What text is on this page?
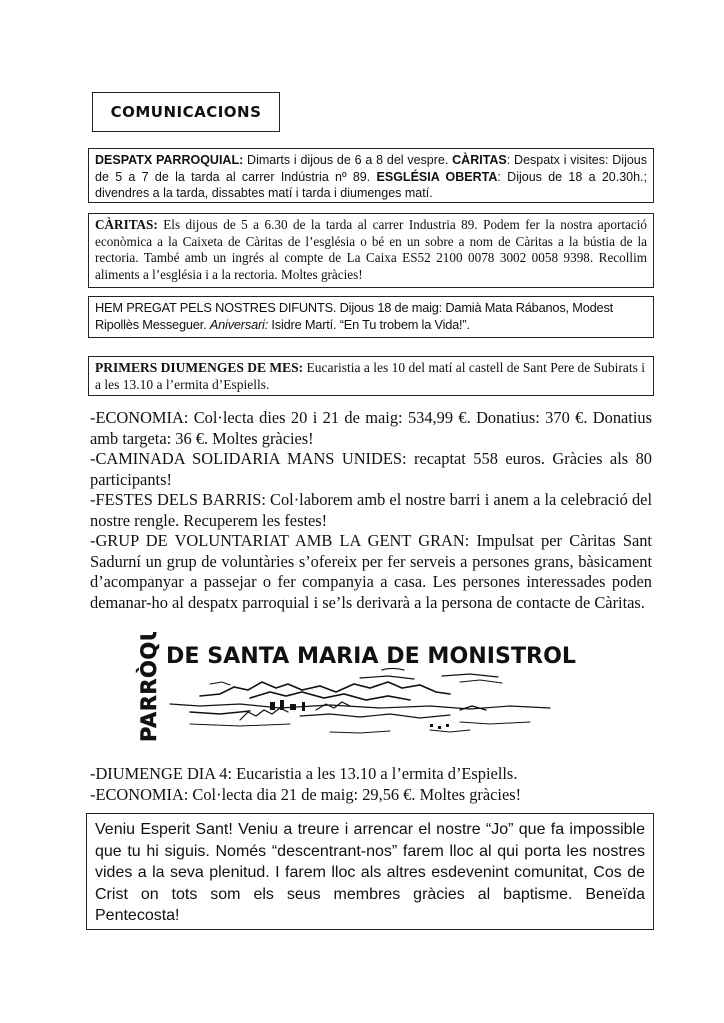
COMUNICACIONS
DESPATX PARROQUIAL: Dimarts i dijous de 6 a 8 del vespre. CÀRITAS: Despatx i visites: Dijous de 5 a 7 de la tarda al carrer Indústria nº 89. ESGLÉSIA OBERTA: Dijous de 18 a 20.30h.; divendres a la tarda, dissabtes matí i tarda i diumenges matí.
CÀRITAS: Els dijous de 5 a 6.30 de la tarda al carrer Industria 89. Podem fer la nostra aportació econòmica a la Caixeta de Càritas de l’església o bé en un sobre a nom de Càritas a la bústia de la rectoria. També amb un ingrés al compte de La Caixa ES52 2100 0078 3002 0058 9398. Recollim aliments a l’església i a la rectoria. Moltes gràcies!
HEM PREGAT PELS NOSTRES DIFUNTS. Dijous 18 de maig: Damià Mata Rábanos, Modest Ripollès Messeguer. Aniversari: Isidre Martí. “En Tu trobem la Vida!”.
PRIMERS DIUMENGES DE MES: Eucaristia a les 10 del matí al castell de Sant Pere de Subirats i a les 13.10 a l’ermita d’Espiells.

-ECONOMIA: Col·lecta dies 20 i 21 de maig: 534,99 €. Donatius: 370 €. Donatius amb targeta: 36 €. Moltes gràcies!

-CAMINADA SOLIDARIA MANS UNIDES: recaptat 558 euros. Gràcies als 80 participants!

-FESTES DELS BARRIS: Col·laborem amb el nostre barri i anem a la celebració del nostre rengle. Recuperem les festes!

-GRUP DE VOLUNTARIAT AMB LA GENT GRAN: Impulsat per Càritas Sant Sadurní un grup de voluntàries s’ofereix per fer serveis a persones grans, bàsicament d’acompanyar a passejar o fer companyia a casa. Les persones interessades poden demanar-ho al despatx parroquial i se’ls derivarà a la persona de contacte de Càritas.

PARRÒQUIA DE SANTA MARIA DE MONISTROL

-DIUMENGE DIA 4: Eucaristia a les 13.10 a l’ermita d’Espiells.

-ECONOMIA: Col·lecta dia 21 de maig: 29,56 €. Moltes gràcies!

Veniu Esperit Sant! Veniu a treure i arrencar el nostre “Jo” que fa impossible que tu hi siguis. Només “descentrant-nos” farem lloc al qui porta les nostres vides a la seva plenitud. I farem lloc als altres esdevenint comunitat, Cos de Crist on tots som els seus membres gràcies al baptisme. Beneïda Pentecosta!
